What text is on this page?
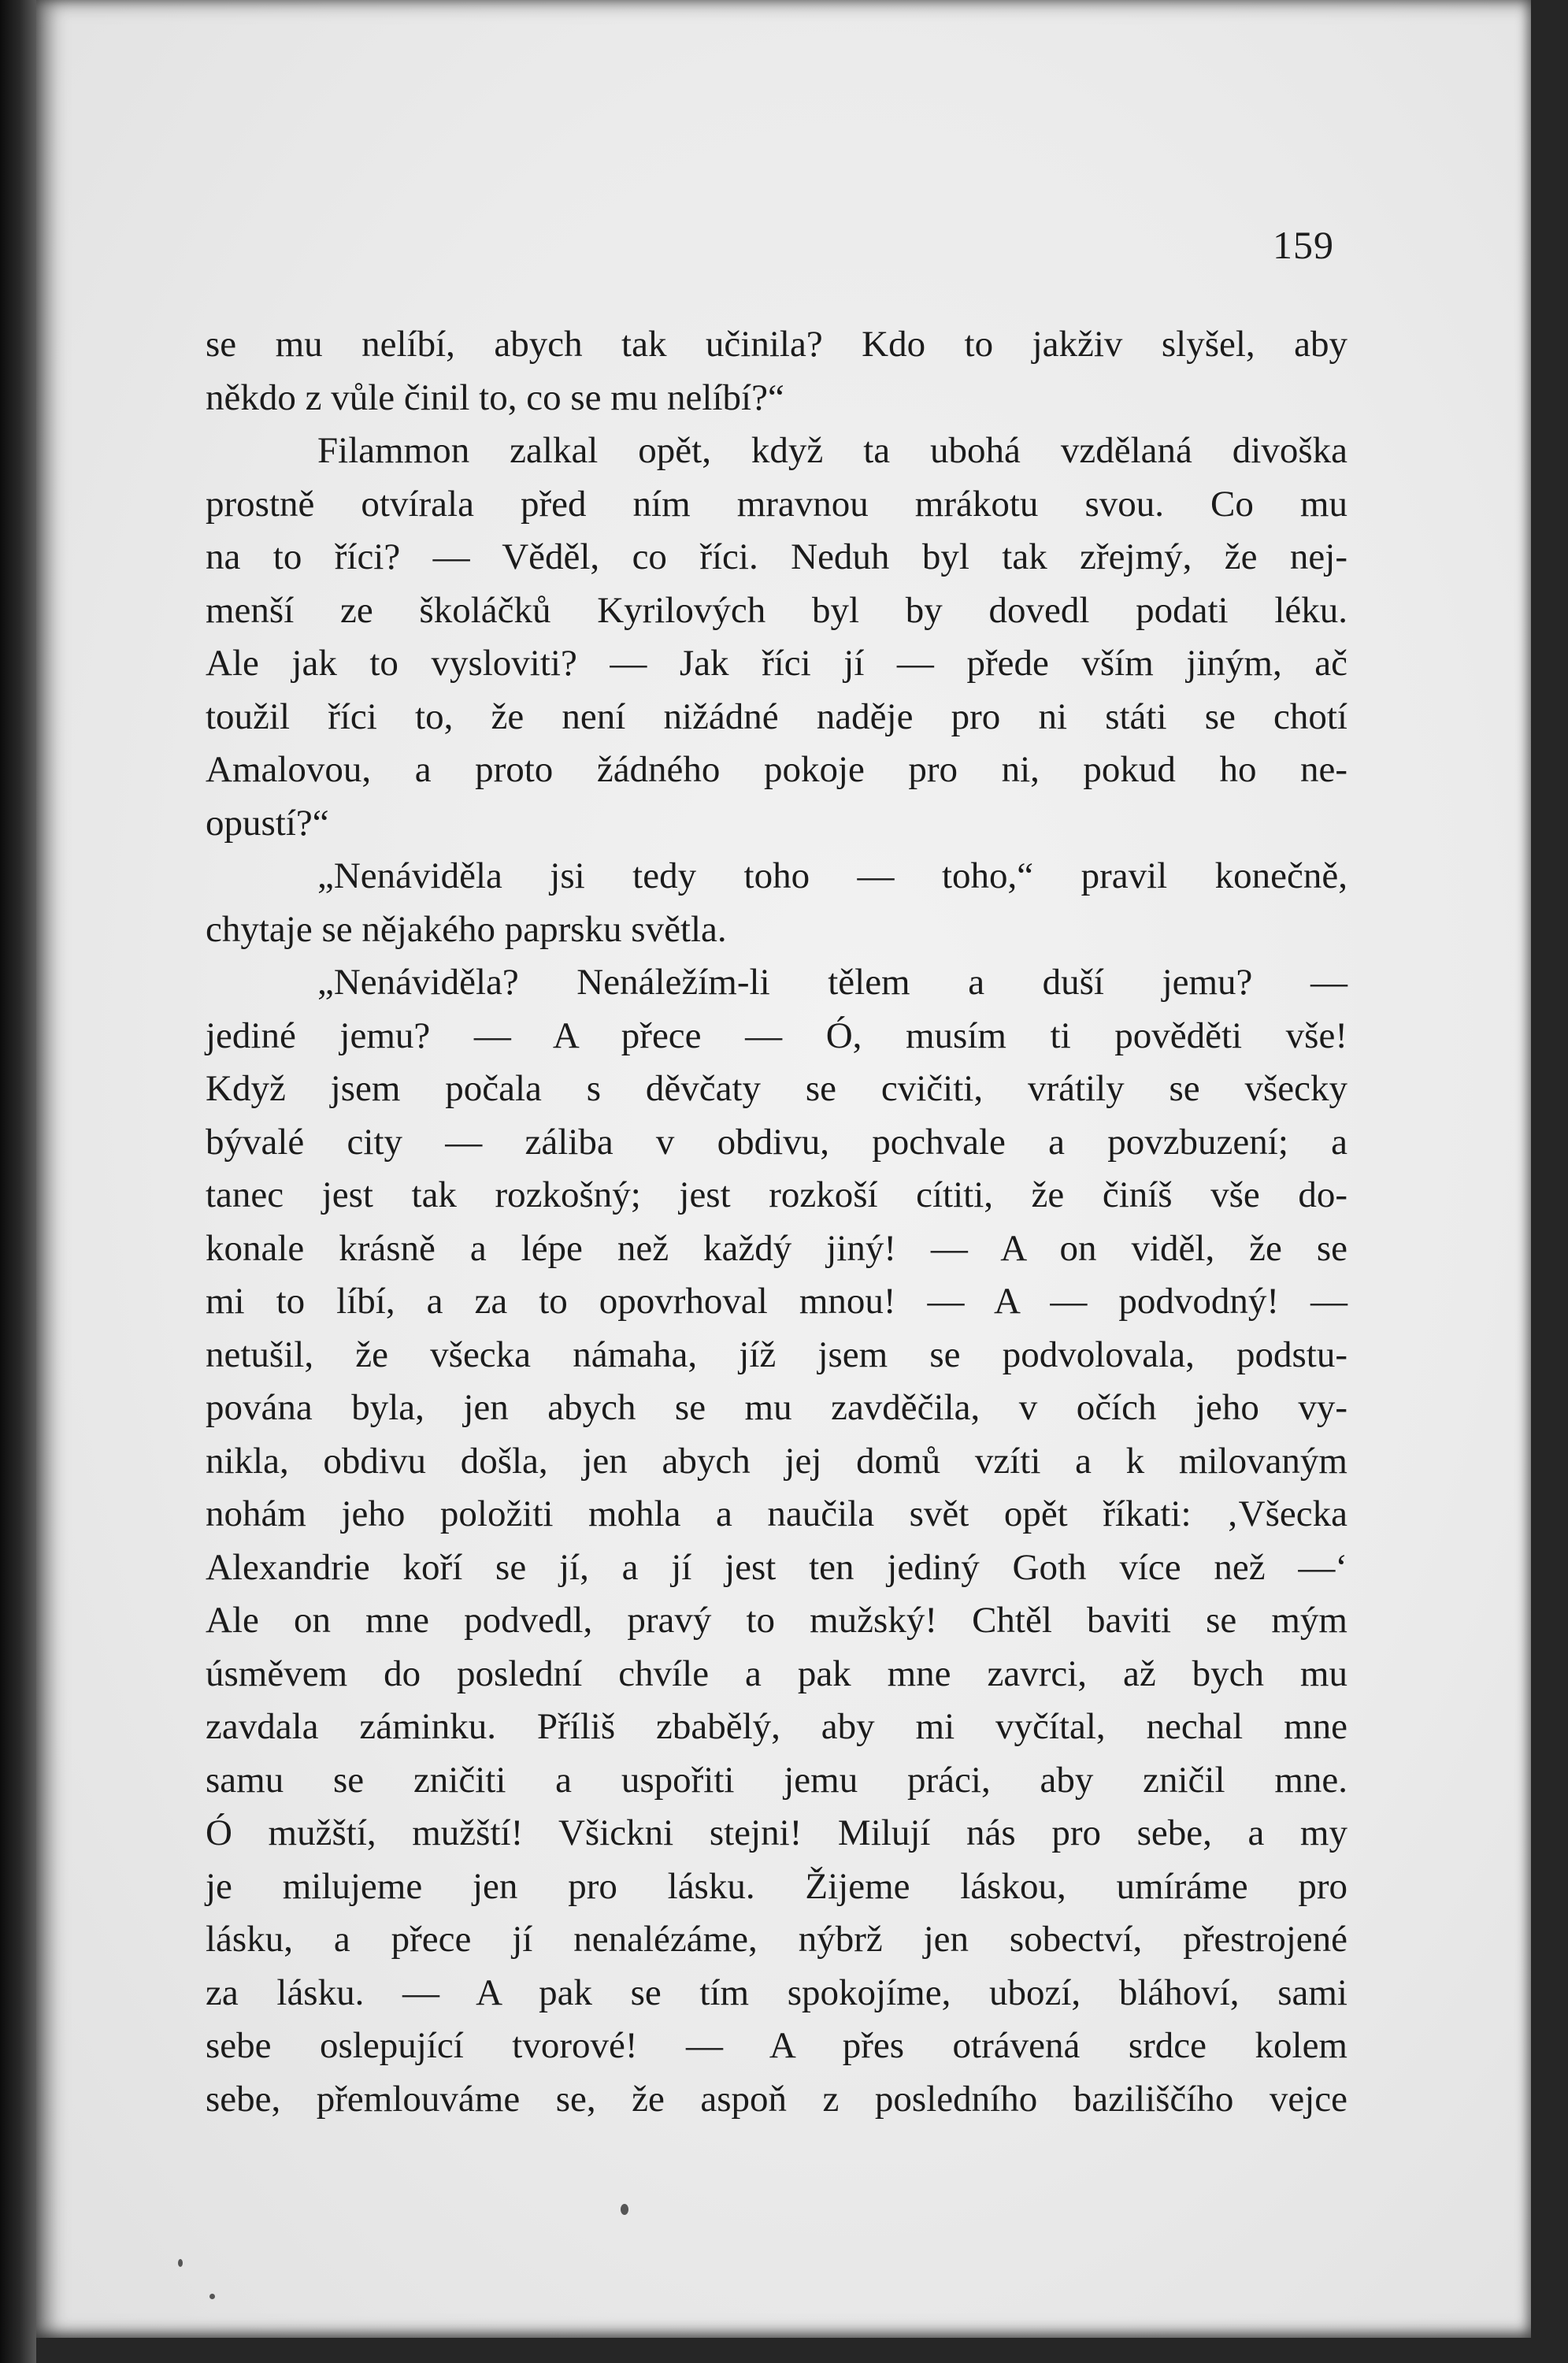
159
se mu nelíbí, abych tak učinila? Kdo to jakživ slyšel, aby
někdo z vůle činil to, co se mu nelíbí?“
Filammon zalkal opět, když ta ubohá vzdělaná divoška
prostně otvírala před ním mravnou mrákotu svou. Co mu
na to říci? — Věděl, co říci. Neduh byl tak zřejmý, že nej-
menší ze školáčků Kyrilových byl by dovedl podati léku.
Ale jak to vysloviti? — Jak říci jí — přede vším jiným, ač
toužil říci to, že není nižádné naděje pro ni státi se chotí
Amalovou, a proto žádného pokoje pro ni, pokud ho ne-
opustí?“
„Nenáviděla jsi tedy toho — toho,“ pravil konečně,
chytaje se nějakého paprsku světla.
„Nenáviděla? Nenáležím-li tělem a duší jemu? —
jediné jemu? — A přece — Ó, musím ti pověděti vše!
Když jsem počala s děvčaty se cvičiti, vrátily se všecky
bývalé city — záliba v obdivu, pochvale a povzbuzení; a
tanec jest tak rozkošný; jest rozkoší cítiti, že činíš vše do-
konale krásně a lépe než každý jiný! — A on viděl, že se
mi to líbí, a za to opovrhoval mnou! — A — podvodný! —
netušil, že všecka námaha, jíž jsem se podvolovala, podstu-
pována byla, jen abych se mu zavděčila, v očích jeho vy-
nikla, obdivu došla, jen abych jej domů vzíti a k milovaným
nohám jeho položiti mohla a naučila svět opět říkati: ‚Všecka
Alexandrie koří se jí, a jí jest ten jediný Goth více než —‘
Ale on mne podvedl, pravý to mužský! Chtěl baviti se mým
úsměvem do poslední chvíle a pak mne zavrci, až bych mu
zavdala záminku. Příliš zbabělý, aby mi vyčítal, nechal mne
samu se zničiti a uspořiti jemu práci, aby zničil mne.
Ó mužští, mužští! Všickni stejni! Milují nás pro sebe, a my
je milujeme jen pro lásku. Žijeme láskou, umíráme pro
lásku, a přece jí nenalézáme, nýbrž jen sobectví, přestrojené
za lásku. — A pak se tím spokojíme, ubozí, bláhoví, sami
sebe oslepující tvorové! — A přes otrávená srdce kolem
sebe, přemlouváme se, že aspoň z posledního baziliščího vejce
